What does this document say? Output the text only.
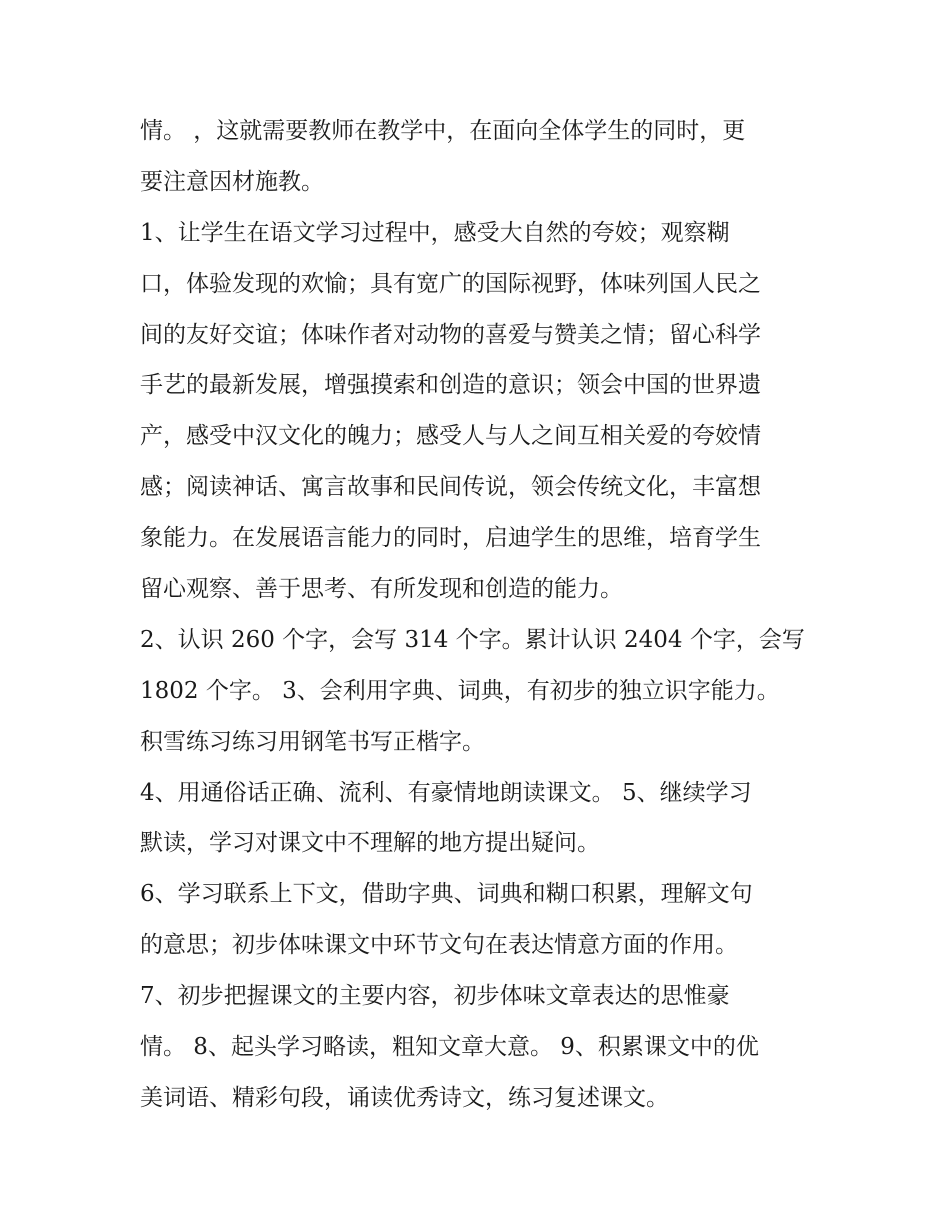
情。 ，这就需要教师在教学中，在面向全体学生的同时，更
要注意因材施教。
1、让学生在语文学习过程中，感受大自然的夸姣；观察糊
口，体验发现的欢愉；具有宽广的国际视野，体味列国人民之
间的友好交谊；体味作者对动物的喜爱与赞美之情；留心科学
手艺的最新发展，增强摸索和创造的意识；领会中国的世界遗
产，感受中汉文化的魄力；感受人与人之间互相关爱的夸姣情
感；阅读神话、寓言故事和民间传说，领会传统文化，丰富想
象能力。在发展语言能力的同时，启迪学生的思维，培育学生
留心观察、善于思考、有所发现和创造的能力。
2、认识 260 个字，会写 314 个字。累计认识 2404 个字，会写
1802 个字。 3、会利用字典、词典，有初步的独立识字能力。
积雪练习练习用钢笔书写正楷字。
4、用通俗话正确、流利、有豪情地朗读课文。 5、继续学习
默读，学习对课文中不理解的地方提出疑问。
6、学习联系上下文，借助字典、词典和糊口积累，理解文句
的意思；初步体味课文中环节文句在表达情意方面的作用。
7、初步把握课文的主要内容，初步体味文章表达的思惟豪
情。 8、起头学习略读，粗知文章大意。 9、积累课文中的优
美词语、精彩句段，诵读优秀诗文，练习复述课文。
